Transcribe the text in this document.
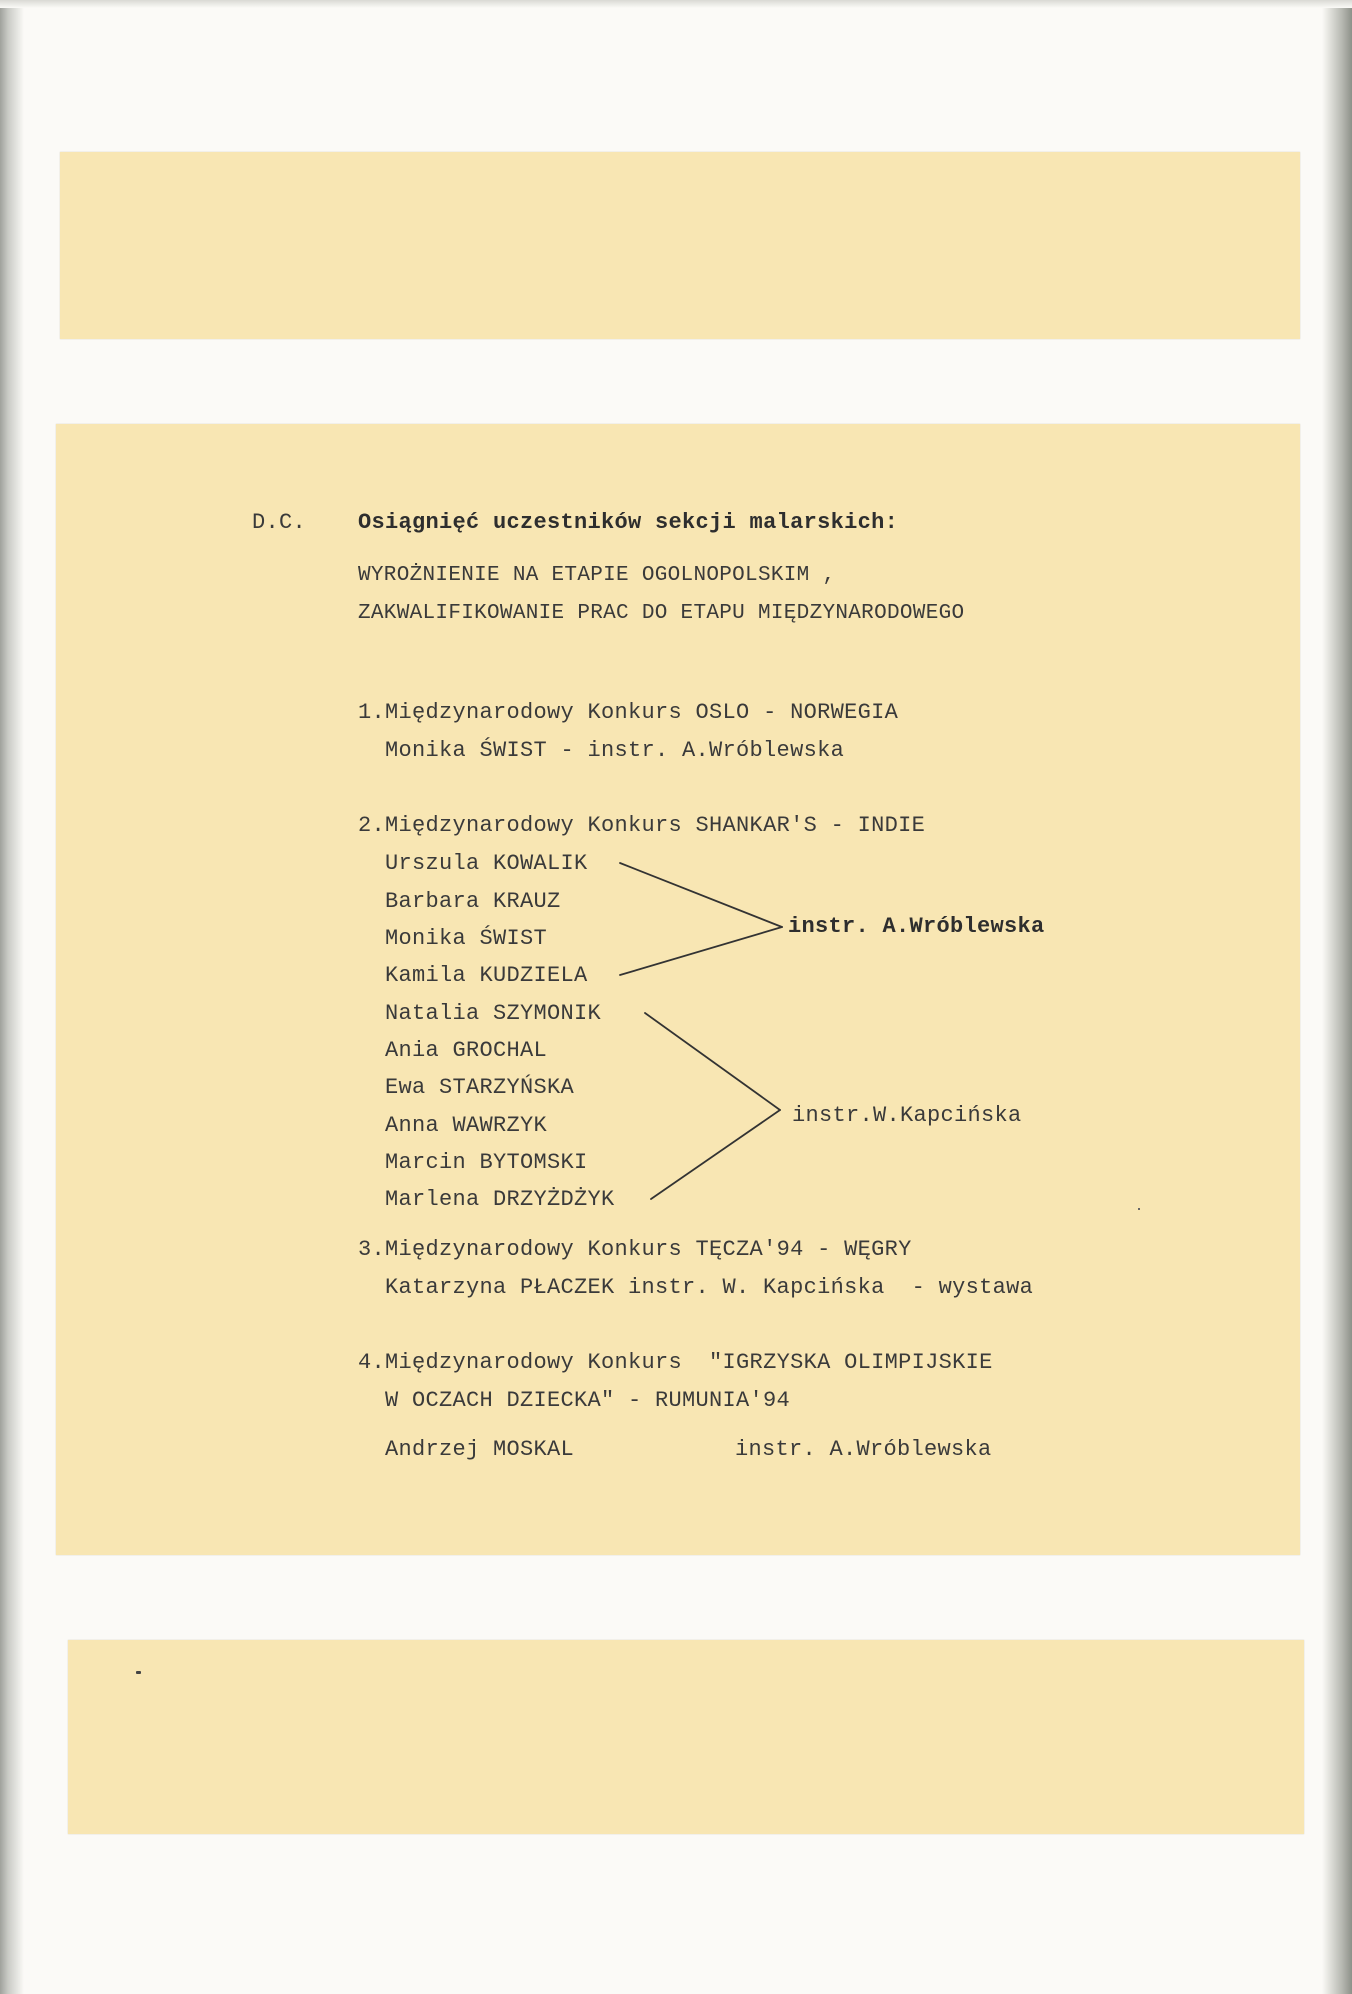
D.C. Osiągnięć uczestników sekcji malarskich:
WYROŻNIENIE NA ETAPIE OGOLNOPOLSKIM ,
ZAKWALIFIKOWANIE PRAC DO ETAPU MIĘDZYNARODOWEGO
1.Międzynarodowy Konkurs OSLO - NORWEGIA
Monika ŚWIST - instr. A.Wróblewska
2.Międzynarodowy Konkurs SHANKAR'S - INDIE
Urszula KOWALIK
Barbara KRAUZ
Monika ŚWIST
Kamila KUDZIELA
instr. A.Wróblewska
Natalia SZYMONIK
Ania GROCHAL
Ewa STARZYŃSKA
Anna WAWRZYK
Marcin BYTOMSKI
Marlena DRZYŻDŻYK
instr.W.Kapcińska
3.Międzynarodowy Konkurs TĘCZA'94 - WĘGRY
Katarzyna PŁACZEK instr. W. Kapcińska  - wystawa
4.Międzynarodowy Konkurs  "IGRZYSKA OLIMPIJSKIE
W OCZACH DZIECKA" - RUMUNIA'94
Andrzej MOSKAL	instr. A.Wróblewska
